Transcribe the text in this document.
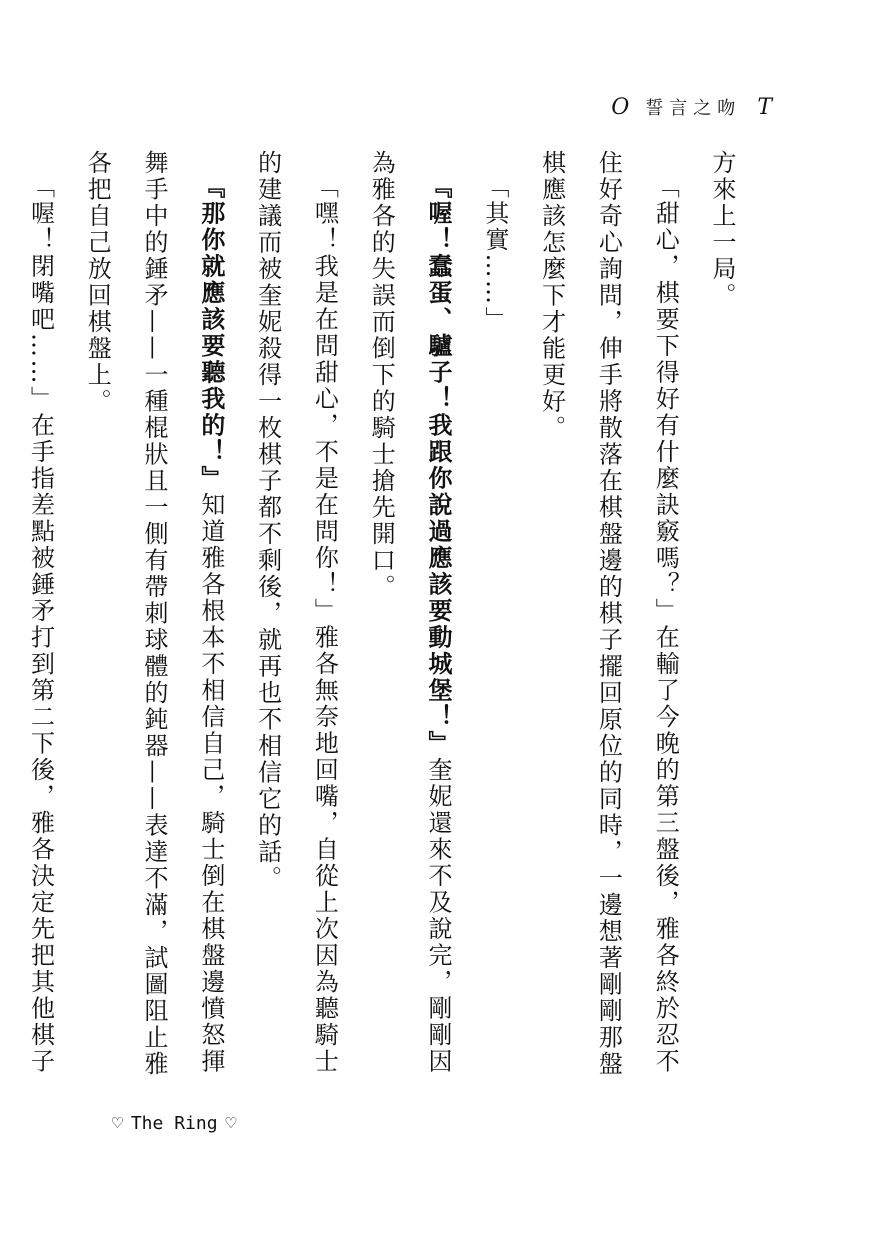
O 誓言之吻 T

方來上一局。

「甜心，棋要下得好有什麼訣竅嗎？」在輸了今晚的第三盤後，雅各終於忍不住好奇心詢問，伸手將散落在棋盤邊的棋子擺回原位的同時，一邊想著剛剛那盤棋應該怎麼下才能更好。

「其實……」

『喔！蠢蛋、驢子！我跟你說過應該要動城堡！』奎妮還來不及說完，剛剛因為雅各的失誤而倒下的騎士搶先開口。

「嘿！我是在問甜心，不是在問你！」雅各無奈地回嘴，自從上次因為聽騎士的建議而被奎妮殺得一枚棋子都不剩後，就再也不相信它的話。

『那你就應該要聽我的！』知道雅各根本不相信自己，騎士倒在棋盤邊憤怒揮舞手中的錘矛——一種棍狀且一側有帶刺球體的鈍器——表達不滿，試圖阻止雅各把自己放回棋盤上。

「喔！閉嘴吧……」在手指差點被錘矛打到第二下後，雅各決定先把其他棋子

♡ The Ring ♡
